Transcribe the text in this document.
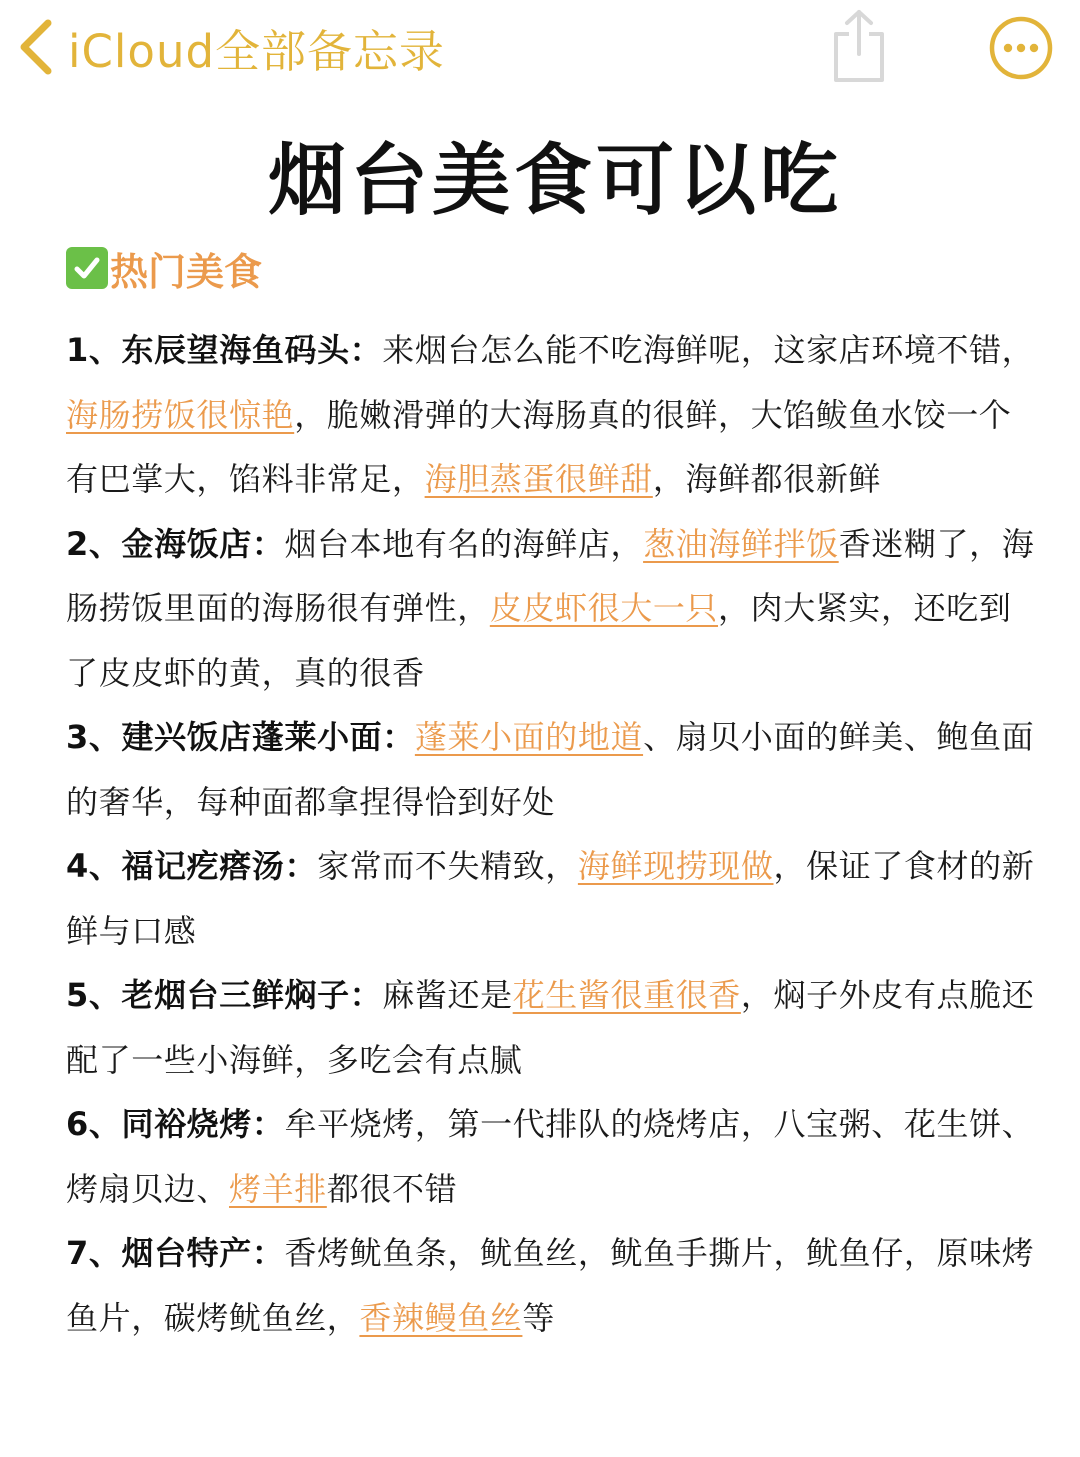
iCloud全部备忘录
烟台美食可以吃
热门美食

1、东辰望海鱼码头：来烟台怎么能不吃海鲜呢，这家店环境不错，海肠捞饭很惊艳，脆嫩滑弹的大海肠真的很鲜，大馅鲅鱼水饺一个有巴掌大，馅料非常足，海胆蒸蛋很鲜甜，海鲜都很新鲜

2、金海饭店：烟台本地有名的海鲜店，葱油海鲜拌饭香迷糊了，海肠捞饭里面的海肠很有弹性，皮皮虾很大一只，肉大紧实，还吃到了皮皮虾的黄，真的很香

3、建兴饭店蓬莱小面：蓬莱小面的地道、扇贝小面的鲜美、鲍鱼面的奢华，每种面都拿捏得恰到好处

4、福记疙瘩汤：家常而不失精致，海鲜现捞现做，保证了食材的新鲜与口感

5、老烟台三鲜焖子：麻酱还是花生酱很重很香，焖子外皮有点脆还配了一些小海鲜，多吃会有点腻

6、同裕烧烤：牟平烧烤，第一代排队的烧烤店，八宝粥、花生饼、烤扇贝边、烤羊排都很不错

7、烟台特产：香烤鱿鱼条，鱿鱼丝，鱿鱼手撕片，鱿鱼仔，原味烤鱼片，碳烤鱿鱼丝，香辣鳗鱼丝等
